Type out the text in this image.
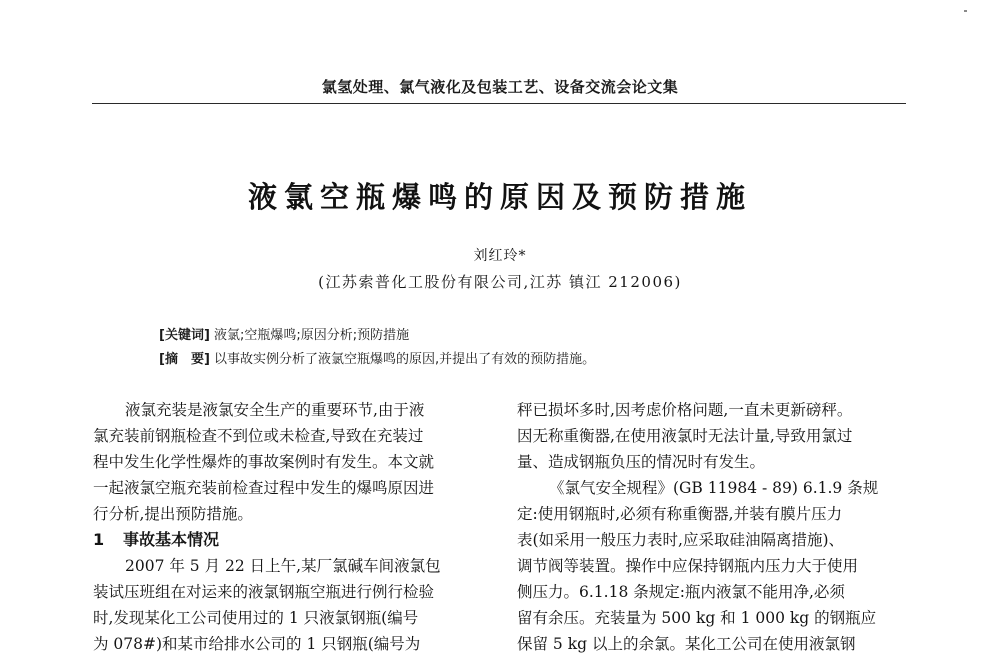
氯氢处理、氯气液化及包装工艺、设备交流会论文集
液氯空瓶爆鸣的原因及预防措施
刘红玲*
(江苏索普化工股份有限公司,江苏 镇江 212006)
[关键词] 液氯;空瓶爆鸣;原因分析;预防措施
[摘　要] 以事故实例分析了液氯空瓶爆鸣的原因,并提出了有效的预防措施。

液氯充装是液氯安全生产的重要环节,由于液
氯充装前钢瓶检查不到位或未检查,导致在充装过
程中发生化学性爆炸的事故案例时有发生。本文就
一起液氯空瓶充装前检查过程中发生的爆鸣原因进
行分析,提出预防措施。

1 事故基本情况

2007 年 5 月 22 日上午,某厂氯碱车间液氯包
装试压班组在对运来的液氯钢瓶空瓶进行例行检验
时,发现某化工公司使用过的 1 只液氯钢瓶(编号
为 078#)和某市给排水公司的 1 只钢瓶(编号为

秤已损坏多时,因考虑价格问题,一直未更新磅秤。
因无称重衡器,在使用液氯时无法计量,导致用氯过
量、造成钢瓶负压的情况时有发生。

《氯气安全规程》(GB 11984 - 89) 6.1.9 条规
定:使用钢瓶时,必须有称重衡器,并装有膜片压力
表(如采用一般压力表时,应采取硅油隔离措施)、
调节阀等装置。操作中应保持钢瓶内压力大于使用
侧压力。6.1.18 条规定:瓶内液氯不能用净,必须
留有余压。充装量为 500 kg 和 1 000 kg 的钢瓶应
保留 5 kg 以上的余氯。某化工公司在使用液氯钢
